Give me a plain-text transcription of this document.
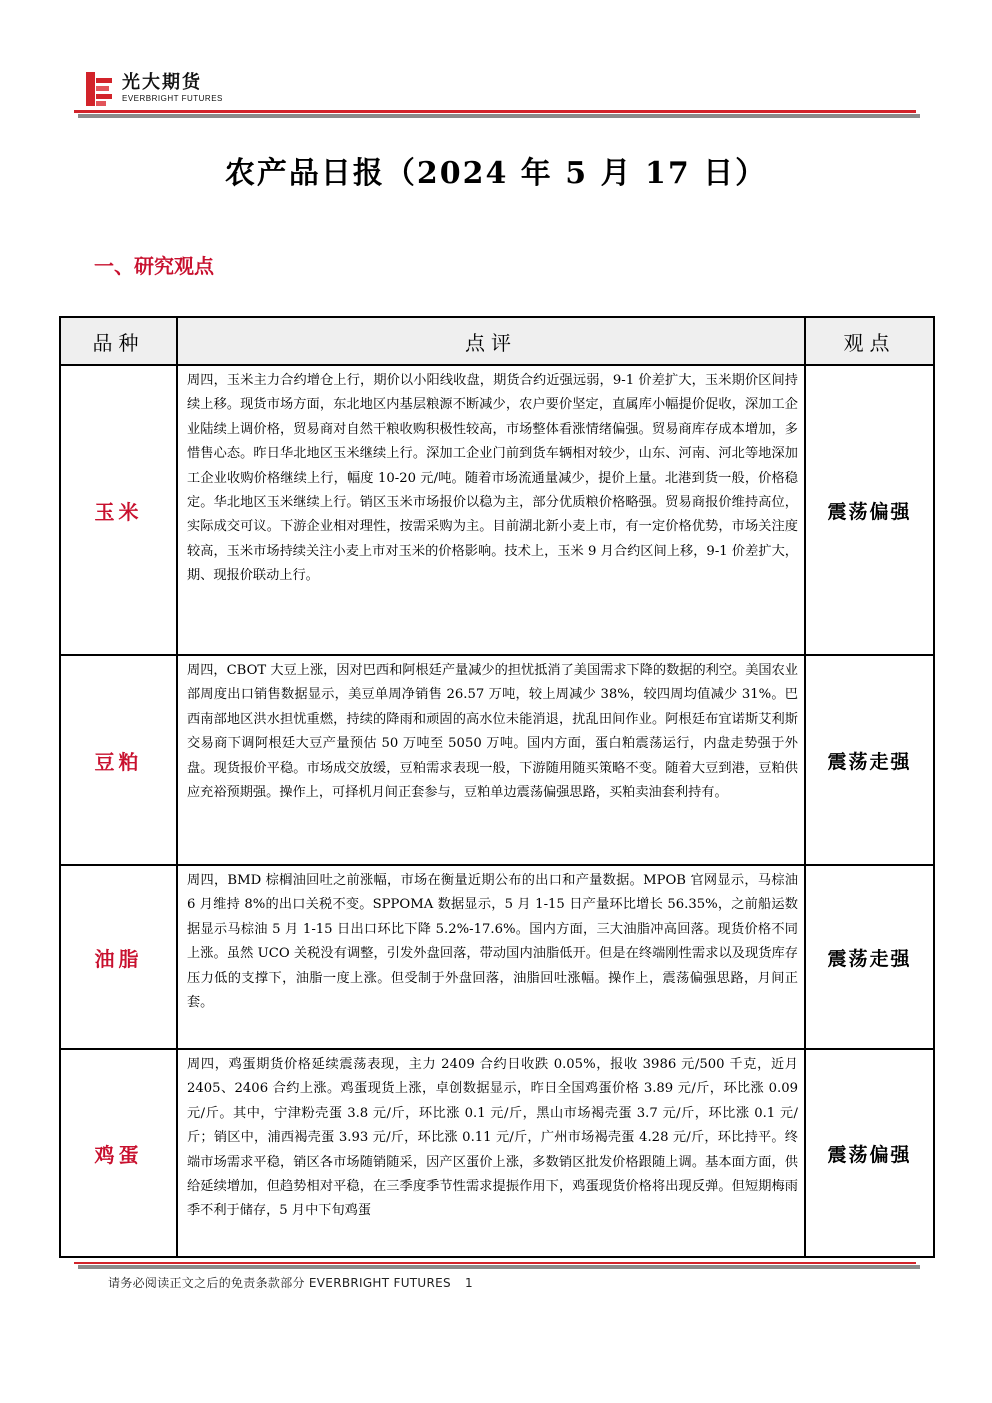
光大期货
EVERBRIGHT FUTURES
农产品日报（2024 年 5 月 17 日）
一、研究观点
品种	点评	观点
玉米	周四，玉米主力合约增仓上行，期价以小阳线收盘，期货合约近强远弱，9-1 价差扩大，玉米期价区间持续上移。现货市场方面，东北地区内基层粮源不断减少，农户要价坚定，直属库小幅提价促收，深加工企业陆续上调价格，贸易商对自然干粮收购积极性较高，市场整体看涨情绪偏强。贸易商库存成本增加，多惜售心态。昨日华北地区玉米继续上行。深加工企业门前到货车辆相对较少，山东、河南、河北等地深加工企业收购价格继续上行，幅度 10-20 元/吨。随着市场流通量减少，提价上量。北港到货一般，价格稳定。华北地区玉米继续上行。销区玉米市场报价以稳为主，部分优质粮价格略强。贸易商报价维持高位，实际成交可议。下游企业相对理性，按需采购为主。目前湖北新小麦上市，有一定价格优势，市场关注度较高，玉米市场持续关注小麦上市对玉米的价格影响。技术上，玉米 9 月合约区间上移，9-1 价差扩大，期、现报价联动上行。	震荡偏强
豆粕	周四，CBOT 大豆上涨，因对巴西和阿根廷产量减少的担忧抵消了美国需求下降的数据的利空。美国农业部周度出口销售数据显示，美豆单周净销售 26.57 万吨，较上周减少 38%，较四周均值减少 31%。巴西南部地区洪水担忧重燃，持续的降雨和顽固的高水位未能消退，扰乱田间作业。阿根廷布宜诺斯艾利斯交易商下调阿根廷大豆产量预估 50 万吨至 5050 万吨。国内方面，蛋白粕震荡运行，内盘走势强于外盘。现货报价平稳。市场成交放缓，豆粕需求表现一般，下游随用随买策略不变。随着大豆到港，豆粕供应充裕预期强。操作上，可择机月间正套参与，豆粕单边震荡偏强思路，买粕卖油套利持有。	震荡走强
油脂	周四，BMD 棕榈油回吐之前涨幅，市场在衡量近期公布的出口和产量数据。MPOB 官网显示，马棕油 6 月维持 8%的出口关税不变。SPPOMA 数据显示，5 月 1-15 日产量环比增长 56.35%，之前船运数据显示马棕油 5 月 1-15 日出口环比下降 5.2%-17.6%。国内方面，三大油脂冲高回落。现货价格不同上涨。虽然 UCO 关税没有调整，引发外盘回落，带动国内油脂低开。但是在终端刚性需求以及现货库存压力低的支撑下，油脂一度上涨。但受制于外盘回落，油脂回吐涨幅。操作上，震荡偏强思路，月间正套。	震荡走强
鸡蛋	周四，鸡蛋期货价格延续震荡表现，主力 2409 合约日收跌 0.05%，报收 3986 元/500 千克，近月 2405、2406 合约上涨。鸡蛋现货上涨，卓创数据显示，昨日全国鸡蛋价格 3.89 元/斤，环比涨 0.09 元/斤。其中，宁津粉壳蛋 3.8 元/斤，环比涨 0.1 元/斤，黑山市场褐壳蛋 3.7 元/斤，环比涨 0.1 元/斤；销区中，浦西褐壳蛋 3.93 元/斤，环比涨 0.11 元/斤，广州市场褐壳蛋 4.28 元/斤，环比持平。终端市场需求平稳，销区各市场随销随采，因产区蛋价上涨，多数销区批发价格跟随上调。基本面方面，供给延续增加，但趋势相对平稳，在三季度季节性需求提振作用下，鸡蛋现货价格将出现反弹。但短期梅雨季不利于储存，5 月中下旬鸡蛋	震荡偏强
请务必阅读正文之后的免责条款部分 EVERBRIGHT FUTURES 1
